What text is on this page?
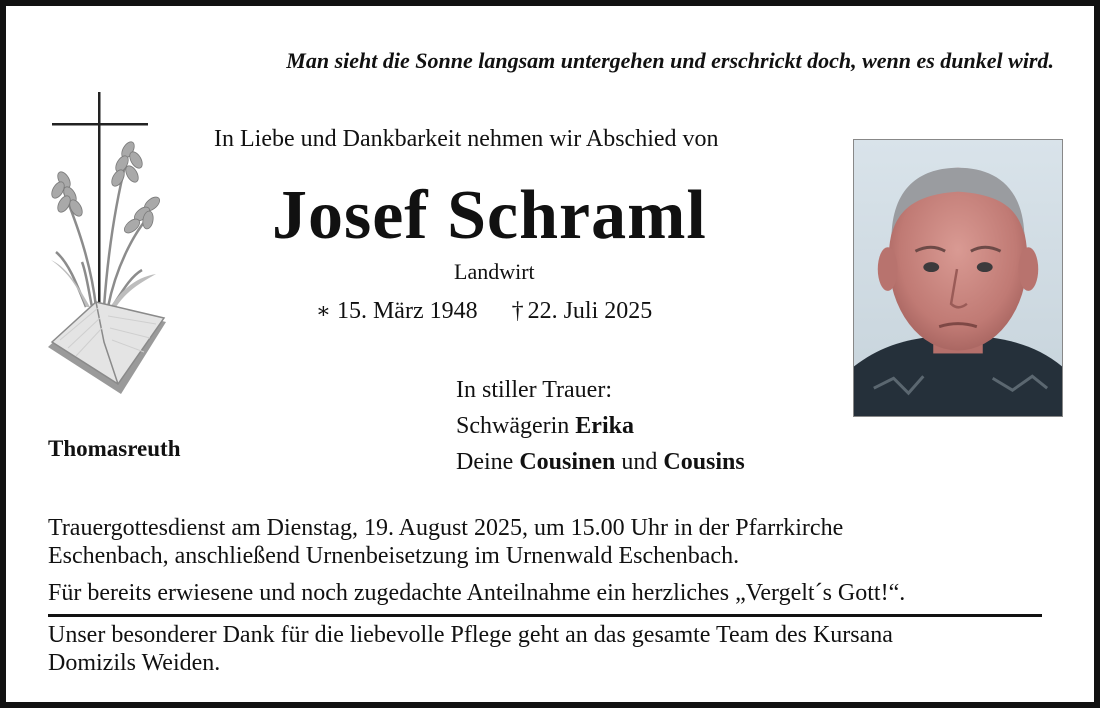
Man sieht die Sonne langsam untergehen und erschrickt doch, wenn es dunkel wird.
In Liebe und Dankbarkeit nehmen wir Abschied von
Josef Schraml
Landwirt
∗ 15. März 1948 † 22. Juli 2025
In stiller Trauer:
Schwägerin Erika
Deine Cousinen und Cousins
Thomasreuth
Trauergottesdienst am Dienstag, 19. August 2025, um 15.00 Uhr in der Pfarrkirche
Eschenbach, anschließend Urnenbeisetzung im Urnenwald Eschenbach.
Für bereits erwiesene und noch zugedachte Anteilnahme ein herzliches „Vergelt´s Gott!“.
Unser besonderer Dank für die liebevolle Pflege geht an das gesamte Team des Kursana
Domizils Weiden.
